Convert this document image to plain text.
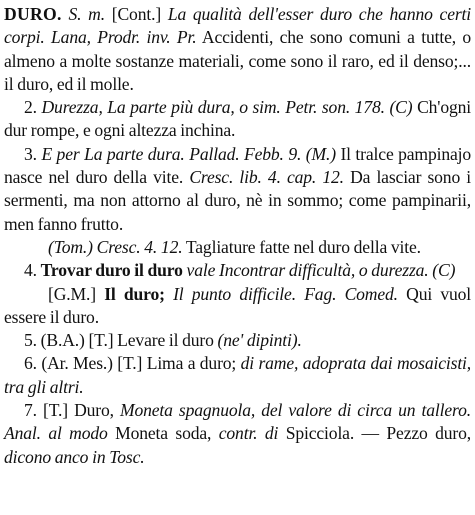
DURO. S. m. [Cont.] La qualità dell'esser duro che hanno certi corpi. Lana, Prodr. inv. Pr. Accidenti, che sono comuni a tutte, o almeno a molte sostanze materiali, come sono il raro, ed il denso;... il duro, ed il molle.

2. Durezza, La parte più dura, o sim. Petr. son. 178. (C) Ch'ogni dur rompe, e ogni altezza inchina.

3. E per La parte dura. Pallad. Febb. 9. (M.) Il tralce pampinajo nasce nel duro della vite. Cresc. lib. 4. cap. 12. Da lasciar sono i sermenti, ma non attorno al duro, nè in sommo; come pampinarii, men fanno frutto.

(Tom.) Cresc. 4. 12. Tagliature fatte nel duro della vite.

4. Trovar duro il duro vale Incontrar difficultà, o durezza. (C)

[G.M.] Il duro; Il punto difficile. Fag. Comed. Qui vuol essere il duro.

5. (B.A.) [T.] Levare il duro (ne' dipinti).

6. (Ar. Mes.) [T.] Lima a duro; di rame, adoprata dai mosaicisti, tra gli altri.

7. [T.] Duro, Moneta spagnuola, del valore di circa un tallero. Anal. al modo Moneta soda, contr. di Spicciola. — Pezzo duro, dicono anco in Tosc.
